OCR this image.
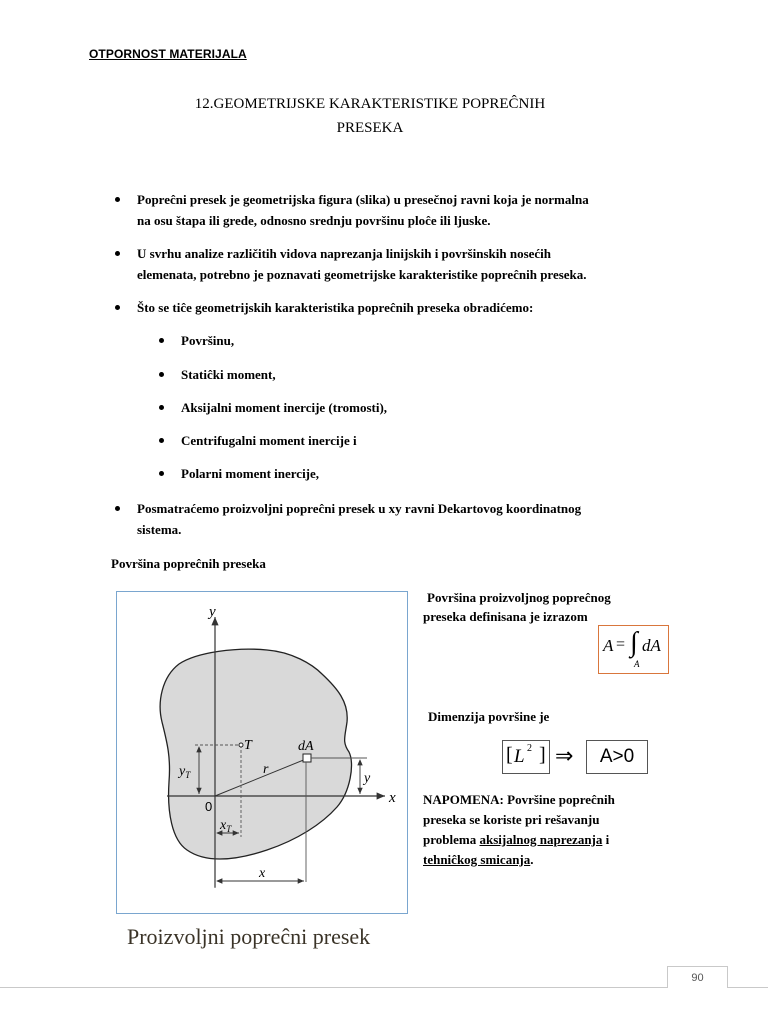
OTPORNOST MATERIJALA
12.GEOMETRIJSKE KARAKTERISTIKE POPREĈNIH
PRESEKA
Popreĉni presek je geometrijska figura (slika) u presečnoj ravni koja je normalna
na osu štapa ili grede, odnosno srednju površinu ploĉe ili ljuske.
U svrhu analize različitih vidova naprezanja linijskih i površinskih nosećih
elemenata, potrebno je poznavati geometrijske karakteristike popreĉnih preseka.
Što se tiĉe geometrijskih karakteristika popreĉnih preseka obradićemo:
Površinu,
Statiĉki moment,
Aksijalni moment inercije (tromosti),
Centrifugalni moment inercije i
Polarni moment inercije,
Posmatraćemo proizvoljni popreĉni presek u xy ravni Dekartovog koordinatnog
sistema.
Površina popreĉnih preseka
y
x
T	dA
r
0
$y_T$
$x_T$
y
x
Proizvoljni popreĉni presek
Površina proizvoljnog popreĉnog
preseka definisana je izrazom
A = ∫ dA
A
Dimenzija površine je
[ L 2 ] ⇒	A>0
NAPOMENA: Površine popreĉnih
preseka se koriste pri rešavanju
problema aksijalnog naprezanja i
tehniĉkog smicanja.
90
